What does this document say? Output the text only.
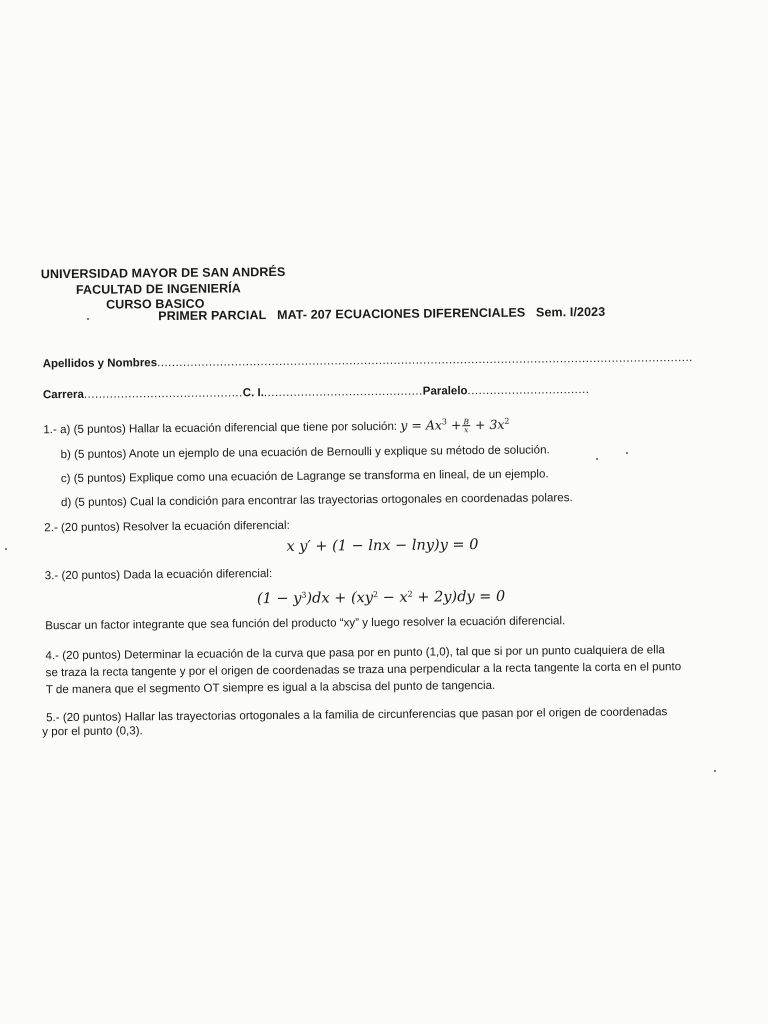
UNIVERSIDAD MAYOR DE SAN ANDRÉS
FACULTAD DE INGENIERÍA
CURSO BASICO
PRIMER PARCIAL MAT- 207 ECUACIONES DIFERENCIALES Sem. I/2023
Apellidos y Nombres.................................................................................................................................................
Carrera...........................................C. I............................................Paralelo.................................
1.- a) (5 puntos) Hallar la ecuación diferencial que tiene por solución: $y = Ax^3 + \frac{B}{x} + 3x^2$
b) (5 puntos) Anote un ejemplo de una ecuación de Bernoulli y explique su método de solución.
c) (5 puntos) Explique como una ecuación de Lagrange se transforma en lineal, de un ejemplo.
d) (5 puntos) Cual la condición para encontrar las trayectorias ortogonales en coordenadas polares.
2.- (20 puntos) Resolver la ecuación diferencial:
x y′ + (1 − lnx − lny)y = 0
3.- (20 puntos) Dada la ecuación diferencial:
$(1 - y^3)dx + (xy^2 - x^2 + 2y)dy = 0$
Buscar un factor integrante que sea función del producto “xy” y luego resolver la ecuación diferencial.
4.- (20 puntos) Determinar la ecuación de la curva que pasa por en punto (1,0), tal que si por un punto cualquiera de ella
se traza la recta tangente y por el origen de coordenadas se traza una perpendicular a la recta tangente la corta en el punto
T de manera que el segmento OT siempre es igual a la abscisa del punto de tangencia.
5.- (20 puntos) Hallar las trayectorias ortogonales a la familia de circunferencias que pasan por el origen de coordenadas
y por el punto (0,3).
